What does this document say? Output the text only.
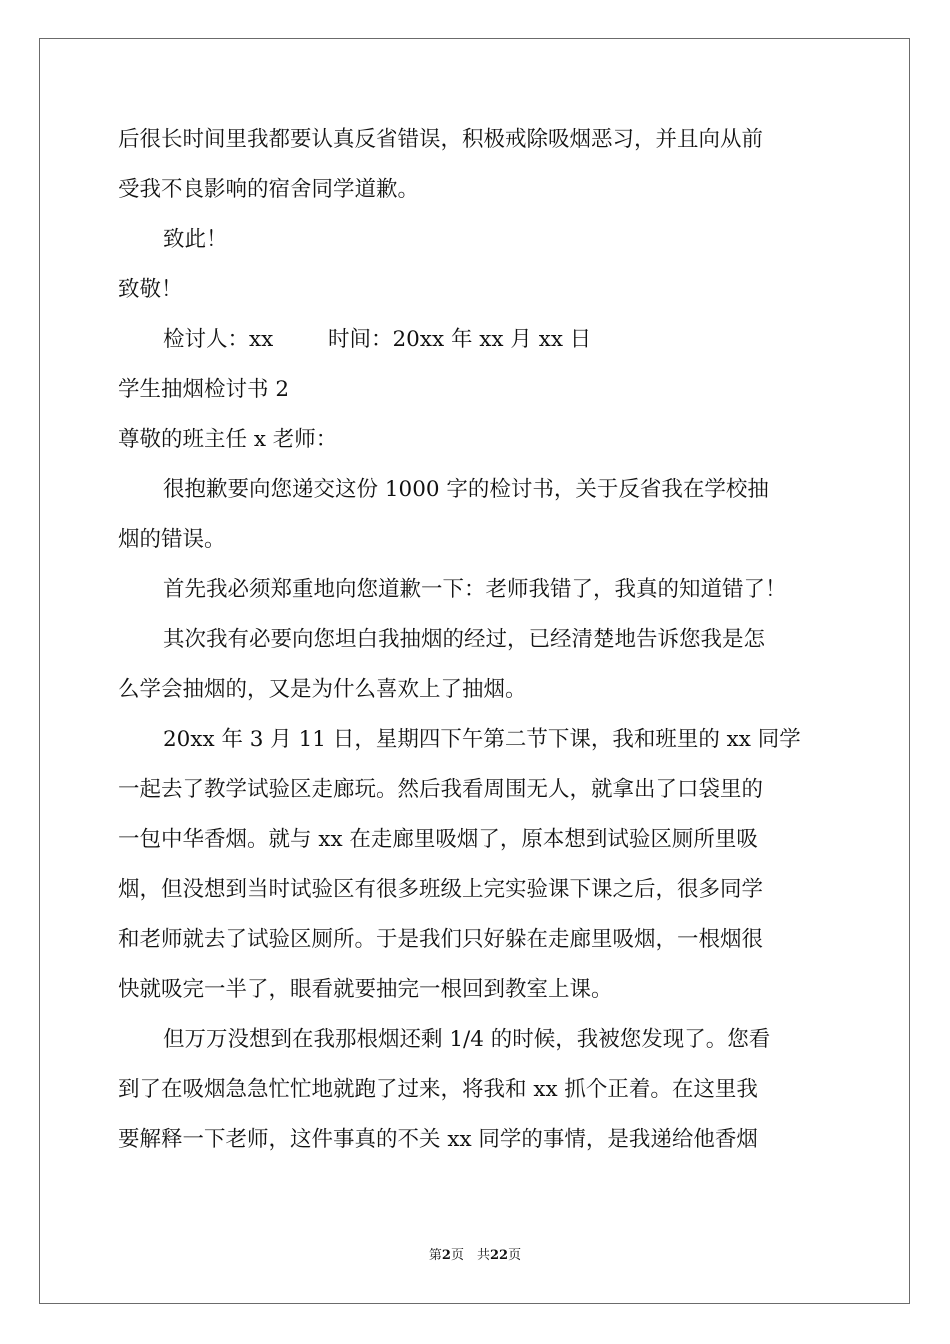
后很长时间里我都要认真反省错误，积极戒除吸烟恶习，并且向从前
受我不良影响的宿舍同学道歉。
致此！
致敬！
检讨人：xx	时间：20xx 年 xx 月 xx 日
学生抽烟检讨书 2
尊敬的班主任 x 老师：
很抱歉要向您递交这份 1000 字的检讨书，关于反省我在学校抽
烟的错误。
首先我必须郑重地向您道歉一下：老师我错了，我真的知道错了！
其次我有必要向您坦白我抽烟的经过，已经清楚地告诉您我是怎
么学会抽烟的，又是为什么喜欢上了抽烟。
20xx 年 3 月 11 日，星期四下午第二节下课，我和班里的 xx 同学
一起去了教学试验区走廊玩。然后我看周围无人，就拿出了口袋里的
一包中华香烟。就与 xx 在走廊里吸烟了，原本想到试验区厕所里吸
烟，但没想到当时试验区有很多班级上完实验课下课之后，很多同学
和老师就去了试验区厕所。于是我们只好躲在走廊里吸烟，一根烟很
快就吸完一半了，眼看就要抽完一根回到教室上课。
但万万没想到在我那根烟还剩 1/4 的时候，我被您发现了。您看
到了在吸烟急急忙忙地就跑了过来，将我和 xx 抓个正着。在这里我
要解释一下老师，这件事真的不关 xx 同学的事情，是我递给他香烟
第2页　共22页
